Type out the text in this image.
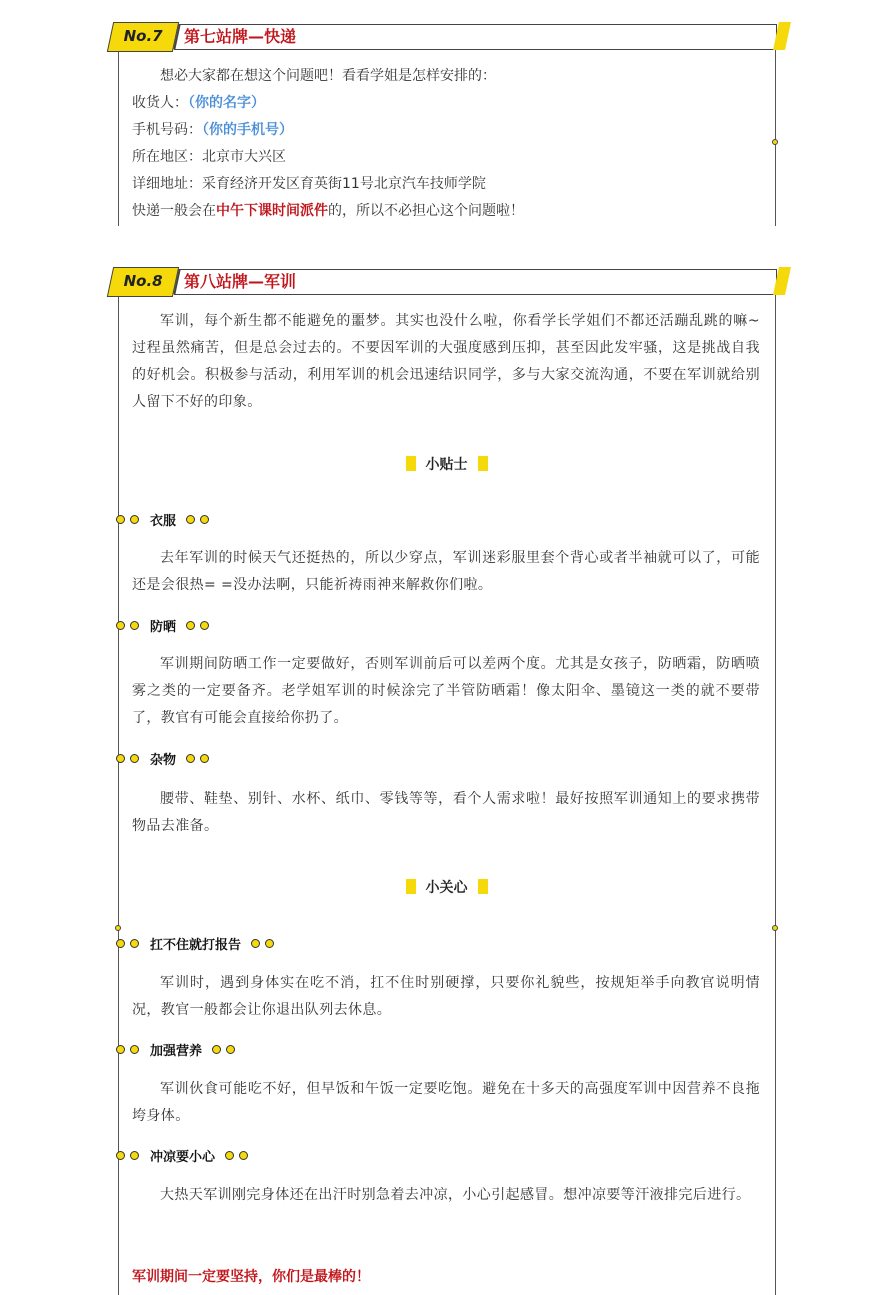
No.7	第七站牌—快递
想必大家都在想这个问题吧！看看学姐是怎样安排的：
收货人：（你的名字）
手机号码：（你的手机号）
所在地区：北京市大兴区
详细地址：采育经济开发区育英街11号北京汽车技师学院
快递一般会在中午下课时间派件的，所以不必担心这个问题啦！
No.8	第八站牌—军训
军训，每个新生都不能避免的噩梦。其实也没什么啦，你看学长学姐们不都还活蹦乱跳的嘛~过程虽然痛苦，但是总会过去的。不要因军训的大强度感到压抑，甚至因此发牢骚，这是挑战自我的好机会。积极参与活动，利用军训的机会迅速结识同学，多与大家交流沟通，不要在军训就给别人留下不好的印象。
小贴士
衣服
去年军训的时候天气还挺热的，所以少穿点，军训迷彩服里套个背心或者半袖就可以了，可能还是会很热= =没办法啊，只能祈祷雨神来解救你们啦。
防晒
军训期间防晒工作一定要做好，否则军训前后可以差两个度。尤其是女孩子，防晒霜，防晒喷雾之类的一定要备齐。老学姐军训的时候涂完了半管防晒霜！像太阳伞、墨镜这一类的就不要带了，教官有可能会直接给你扔了。
杂物
腰带、鞋垫、别针、水杯、纸巾、零钱等等，看个人需求啦！最好按照军训通知上的要求携带物品去准备。
小关心
扛不住就打报告
军训时，遇到身体实在吃不消，扛不住时别硬撑，只要你礼貌些，按规矩举手向教官说明情况，教官一般都会让你退出队列去休息。
加强营养
军训伙食可能吃不好，但早饭和午饭一定要吃饱。避免在十多天的高强度军训中因营养不良拖垮身体。
冲凉要小心
大热天军训刚完身体还在出汗时别急着去冲凉，小心引起感冒。想冲凉要等汗液排完后进行。
军训期间一定要坚持，你们是最棒的！
